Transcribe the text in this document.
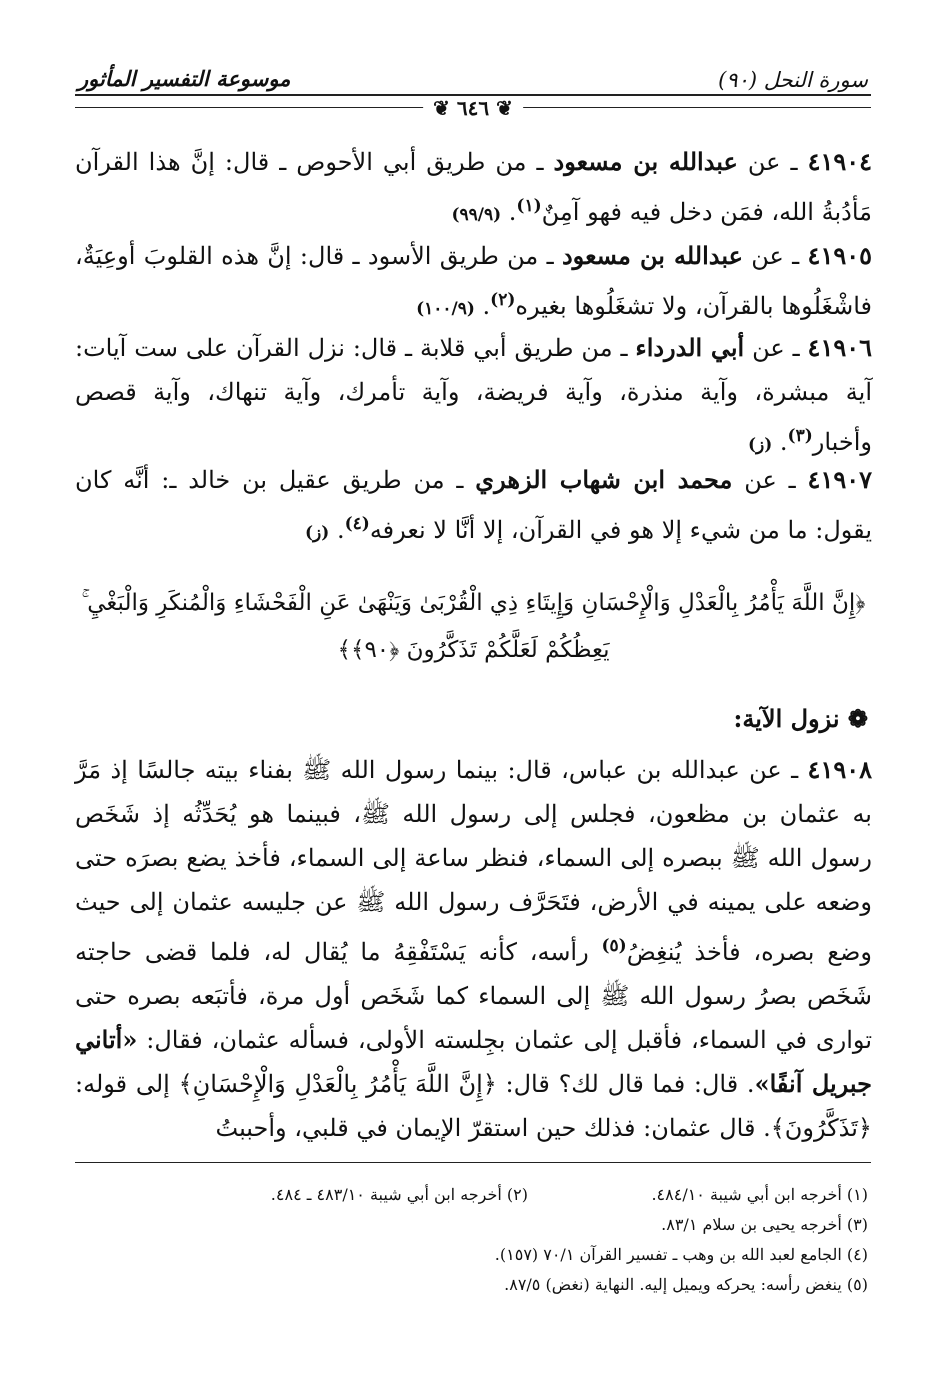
سورة النحل (٩٠)
موسوعة التفسير المأثور
❦ ٦٤٦ ❦
٤١٩٠٤ ـ عن عبدالله بن مسعود ـ من طريق أبي الأحوص ـ قال: إنَّ هذا القرآن مَأدُبةُ الله، فمَن دخل فيه فهو آمِنٌ$^{(١)}$. (٩٩/٩)
٤١٩٠٥ ـ عن عبدالله بن مسعود ـ من طريق الأسود ـ قال: إنَّ هذه القلوبَ أوعِيَةٌ، فاشْغَلُوها بالقرآن، ولا تشغَلُوها بغيره$^{(٢)}$. (١٠٠/٩)
٤١٩٠٦ ـ عن أبي الدرداء ـ من طريق أبي قلابة ـ قال: نزل القرآن على ست آيات: آية مبشرة، وآية منذرة، وآية فريضة، وآية تأمرك، وآية تنهاك، وآية قصص وأخبار$^{(٣)}$. (ز)
٤١٩٠٧ ـ عن محمد ابن شهاب الزهري ـ من طريق عقيل بن خالد ـ: أنَّه كان يقول: ما من شيء إلا هو في القرآن، إلا أنَّا لا نعرفه$^{(٤)}$. (ز)
﴿إِنَّ اللَّهَ يَأْمُرُ بِالْعَدْلِ وَالْإِحْسَانِ وَإِيتَاءِ ذِي الْقُرْبَىٰ وَيَنْهَىٰ عَنِ الْفَحْشَاءِ وَالْمُنكَرِ وَالْبَغْيِ ۚ يَعِظُكُمْ لَعَلَّكُمْ تَذَكَّرُونَ ﴿٩٠﴾﴾
❁ نزول الآية:
٤١٩٠٨ ـ عن عبدالله بن عباس، قال: بينما رسول الله ﷺ بفناء بيته جالسًا إذ مَرَّ به عثمان بن مظعون، فجلس إلى رسول الله ﷺ، فبينما هو يُحَدِّثُه إذ شَخَص رسول الله ﷺ ببصره إلى السماء، فنظر ساعة إلى السماء، فأخذ يضع بصرَه حتى وضعه على يمينه في الأرض، فتَحَرَّف رسول الله ﷺ عن جليسه عثمان إلى حيث وضع بصره، فأخذ يُنغِضُ$^{(٥)}$ رأسه، كأنه يَسْتَفْقِهُ ما يُقال له، فلما قضى حاجته شَخَص بصرُ رسول الله ﷺ إلى السماء كما شَخَص أول مرة، فأتبَعه بصره حتى توارى في السماء، فأقبل إلى عثمان بجِلسته الأولى، فسأله عثمان، فقال: «أتاني جبريل آنفًا». قال: فما قال لك؟ قال: ﴿إِنَّ اللَّهَ يَأْمُرُ بِالْعَدْلِ وَالْإِحْسَانِ﴾ إلى قوله: ﴿تَذَكَّرُونَ﴾. قال عثمان: فذلك حين استقرّ الإيمان في قلبي، وأحببتُ
(١) أخرجه ابن أبي شيبة ٤٨٤/١٠.
(٢) أخرجه ابن أبي شيبة ٤٨٣/١٠ ـ ٤٨٤.
(٣) أخرجه يحيى بن سلام ٨٣/١.
(٤) الجامع لعبد الله بن وهب ـ تفسير القرآن ٧٠/١ (١٥٧).
(٥) ينغض رأسه: يحركه ويميل إليه. النهاية (نغض) ٨٧/٥.
